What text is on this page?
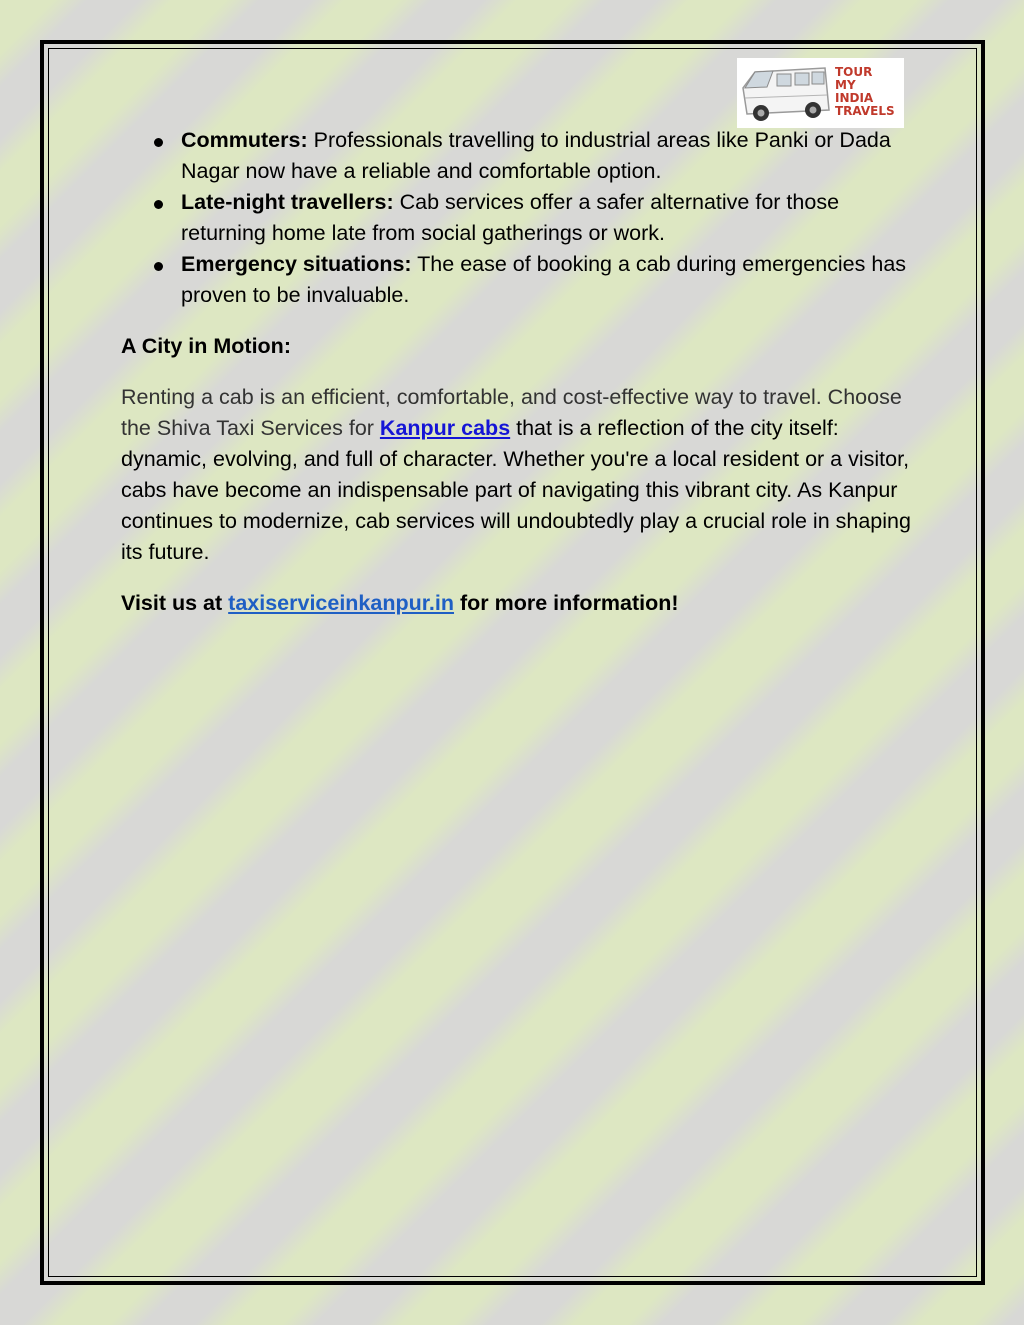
TOUR
MY
INDIA
TRAVELS
Commuters: Professionals travelling to industrial areas like Panki or Dada Nagar now have a reliable and comfortable option.
Late-night travellers: Cab services offer a safer alternative for those returning home late from social gatherings or work.
Emergency situations: The ease of booking a cab during emergencies has proven to be invaluable.
A City in Motion:

Renting a cab is an efficient, comfortable, and cost-effective way to travel. Choose the Shiva Taxi Services for Kanpur cabs that is a reflection of the city itself: dynamic, evolving, and full of character. Whether you're a local resident or a visitor, cabs have become an indispensable part of navigating this vibrant city. As Kanpur continues to modernize, cab services will undoubtedly play a crucial role in shaping its future.

Visit us at taxiserviceinkanpur.in for more information!
